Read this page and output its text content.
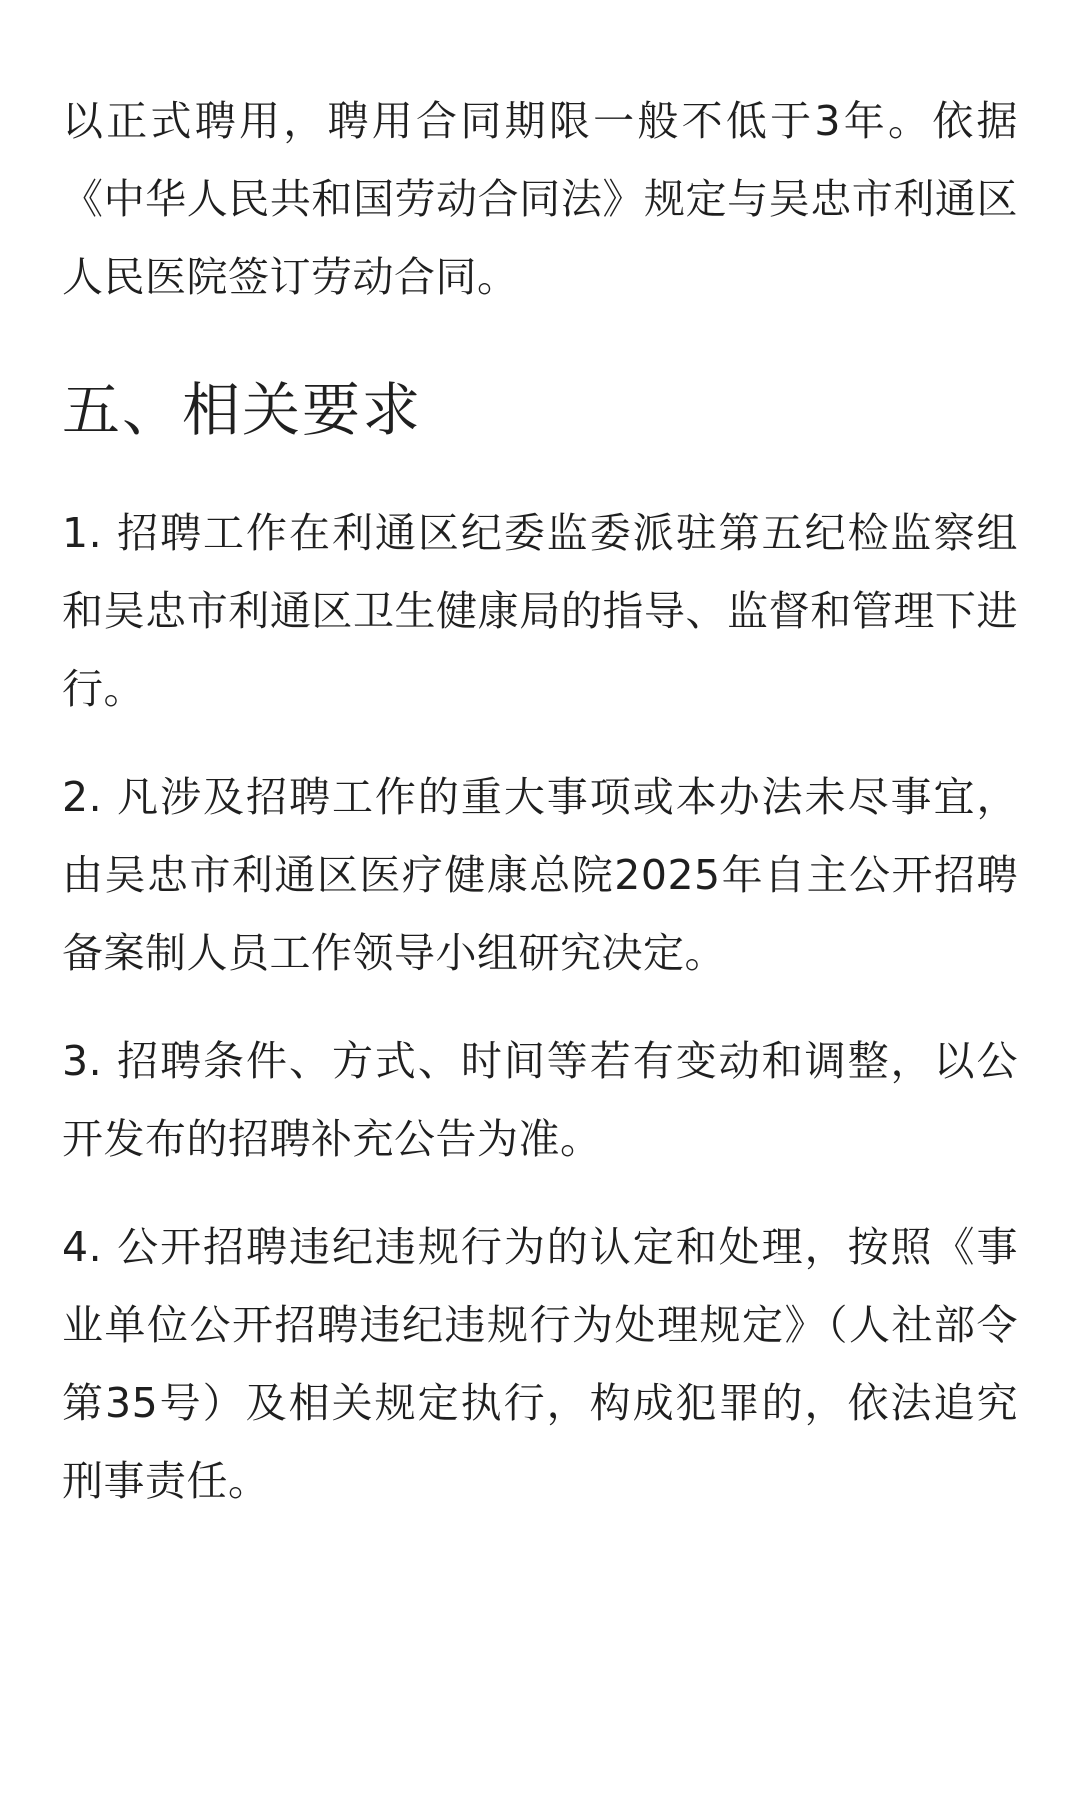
以正式聘用，聘用合同期限一般不低于3年。依据《中华人民共和国劳动合同法》规定与吴忠市利通区人民医院签订劳动合同。

五、相关要求
1. 招聘工作在利通区纪委监委派驻第五纪检监察组和吴忠市利通区卫生健康局的指导、监督和管理下进行。
2. 凡涉及招聘工作的重大事项或本办法未尽事宜，由吴忠市利通区医疗健康总院2025年自主公开招聘备案制人员工作领导小组研究决定。
3. 招聘条件、方式、时间等若有变动和调整，以公开发布的招聘补充公告为准。
4. 公开招聘违纪违规行为的认定和处理，按照《事业单位公开招聘违纪违规行为处理规定》（人社部令第35号）及相关规定执行，构成犯罪的，依法追究刑事责任。
